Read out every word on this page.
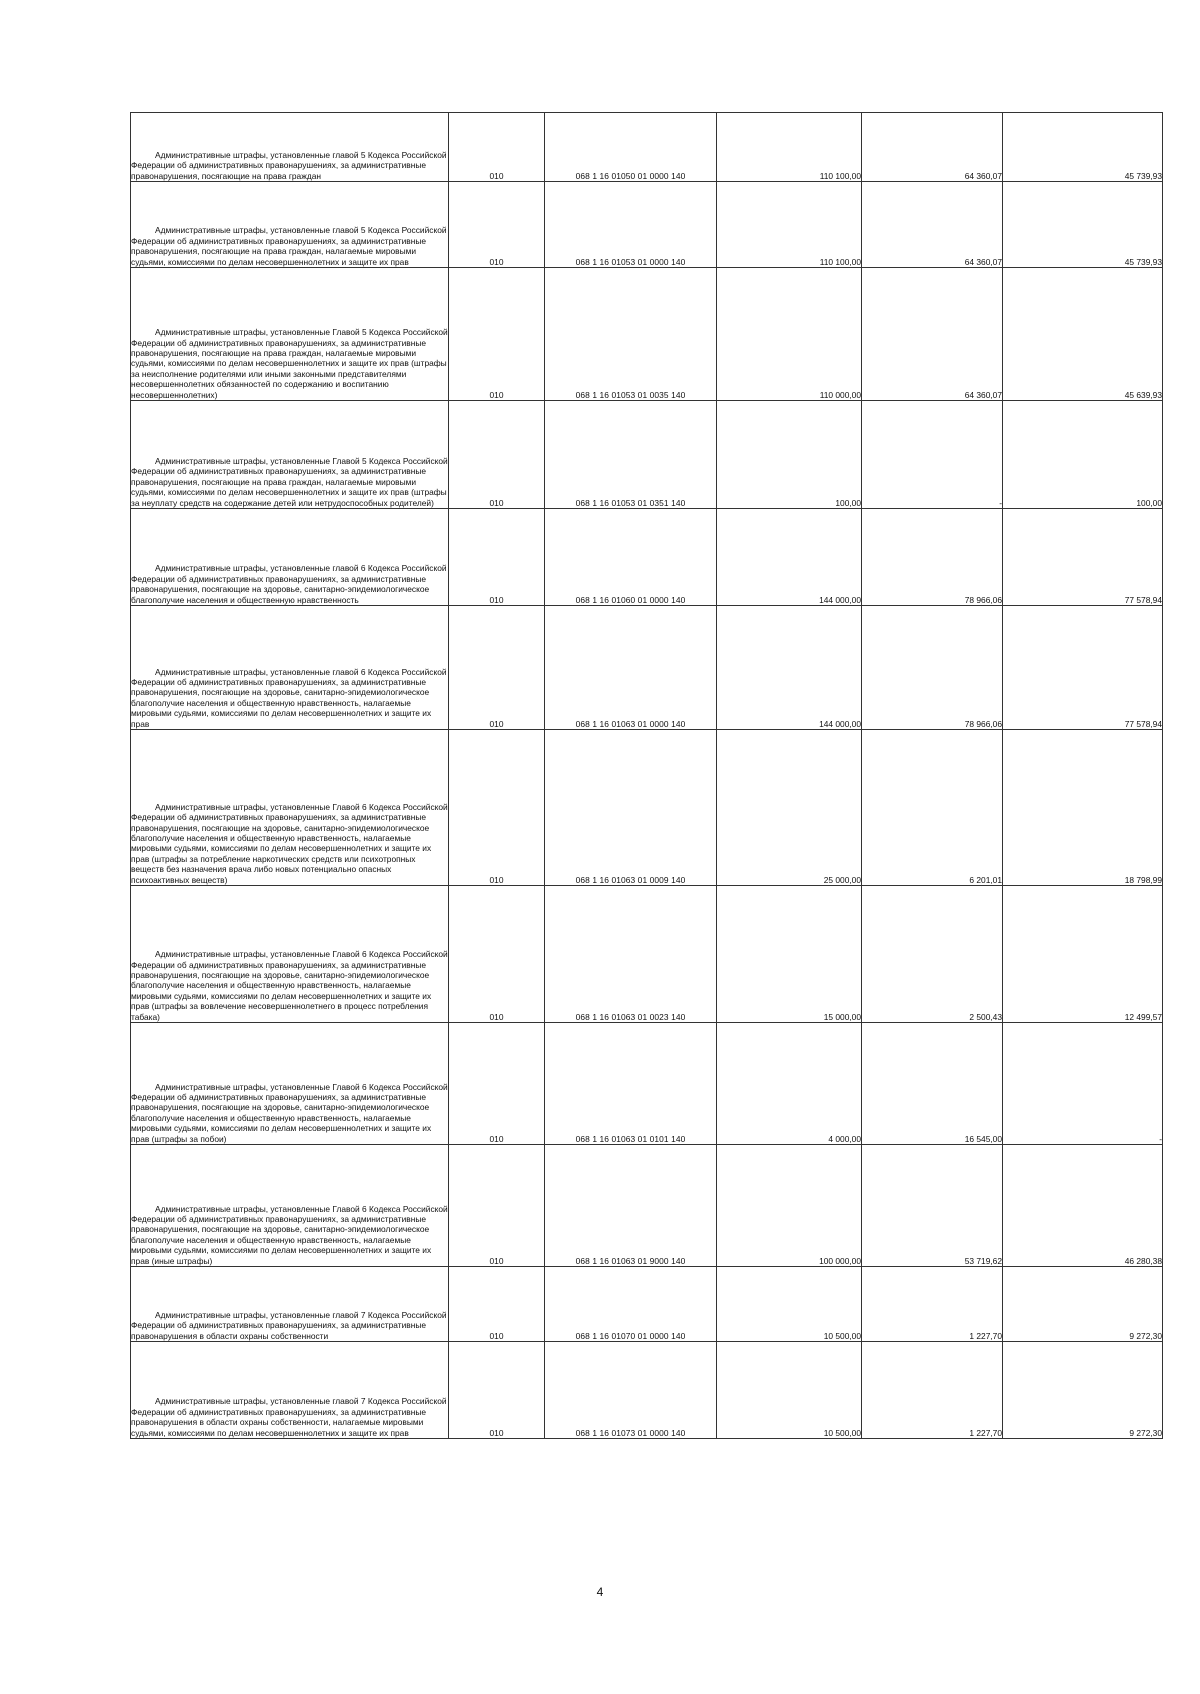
Административные штрафы, установленные главой 5 Кодекса Российской Федерации об административных правонарушениях, за административные правонарушения, посягающие на права граждан	010	068 1 16 01050 01 0000 140	110 100,00	64 360,07	45 739,93

Административные штрафы, установленные главой 5 Кодекса Российской Федерации об административных правонарушениях, за административные правонарушения, посягающие на права граждан, налагаемые мировыми судьями, комиссиями по делам несовершеннолетних и защите их прав	010	068 1 16 01053 01 0000 140	110 100,00	64 360,07	45 739,93

Административные штрафы, установленные Главой 5 Кодекса Российской Федерации об административных правонарушениях, за административные правонарушения, посягающие на права граждан, налагаемые мировыми судьями, комиссиями по делам несовершеннолетних и защите их прав (штрафы за неисполнение родителями или иными законными представителями несовершеннолетних обязанностей по содержанию и воспитанию несовершеннолетних)	010	068 1 16 01053 01 0035 140	110 000,00	64 360,07	45 639,93

Административные штрафы, установленные Главой 5 Кодекса Российской Федерации об административных правонарушениях, за административные правонарушения, посягающие на права граждан, налагаемые мировыми судьями, комиссиями по делам несовершеннолетних и защите их прав (штрафы за неуплату средств на содержание детей или нетрудоспособных родителей)	010	068 1 16 01053 01 0351 140	100,00	-	100,00

Административные штрафы, установленные главой 6 Кодекса Российской Федерации об административных правонарушениях, за административные правонарушения, посягающие на здоровье, санитарно-эпидемиологическое благополучие населения и общественную нравственность	010	068 1 16 01060 01 0000 140	144 000,00	78 966,06	77 578,94

Административные штрафы, установленные главой 6 Кодекса Российской Федерации об административных правонарушениях, за административные правонарушения, посягающие на здоровье, санитарно-эпидемиологическое благополучие населения и общественную нравственность, налагаемые мировыми судьями, комиссиями по делам несовершеннолетних и защите их прав	010	068 1 16 01063 01 0000 140	144 000,00	78 966,06	77 578,94

Административные штрафы, установленные Главой 6 Кодекса Российской Федерации об административных правонарушениях, за административные правонарушения, посягающие на здоровье, санитарно-эпидемиологическое благополучие населения и общественную нравственность, налагаемые мировыми судьями, комиссиями по делам несовершеннолетних и защите их прав (штрафы за потребление наркотических средств или психотропных веществ без назначения врача либо новых потенциально опасных психоактивных веществ)	010	068 1 16 01063 01 0009 140	25 000,00	6 201,01	18 798,99

Административные штрафы, установленные Главой 6 Кодекса Российской Федерации об административных правонарушениях, за административные правонарушения, посягающие на здоровье, санитарно-эпидемиологическое благополучие населения и общественную нравственность, налагаемые мировыми судьями, комиссиями по делам несовершеннолетних и защите их прав (штрафы за вовлечение несовершеннолетнего в процесс потребления табака)	010	068 1 16 01063 01 0023 140	15 000,00	2 500,43	12 499,57

Административные штрафы, установленные Главой 6 Кодекса Российской Федерации об административных правонарушениях, за административные правонарушения, посягающие на здоровье, санитарно-эпидемиологическое благополучие населения и общественную нравственность, налагаемые мировыми судьями, комиссиями по делам несовершеннолетних и защите их прав (штрафы за побои)	010	068 1 16 01063 01 0101 140	4 000,00	16 545,00	-

Административные штрафы, установленные Главой 6 Кодекса Российской Федерации об административных правонарушениях, за административные правонарушения, посягающие на здоровье, санитарно-эпидемиологическое благополучие населения и общественную нравственность, налагаемые мировыми судьями, комиссиями по делам несовершеннолетних и защите их прав (иные штрафы)	010	068 1 16 01063 01 9000 140	100 000,00	53 719,62	46 280,38

Административные штрафы, установленные главой 7 Кодекса Российской Федерации об административных правонарушениях, за административные правонарушения в области охраны собственности	010	068 1 16 01070 01 0000 140	10 500,00	1 227,70	9 272,30

Административные штрафы, установленные главой 7 Кодекса Российской Федерации об административных правонарушениях, за административные правонарушения в области охраны собственности, налагаемые мировыми судьями, комиссиями по делам несовершеннолетних и защите их прав	010	068 1 16 01073 01 0000 140	10 500,00	1 227,70	9 272,30
4
